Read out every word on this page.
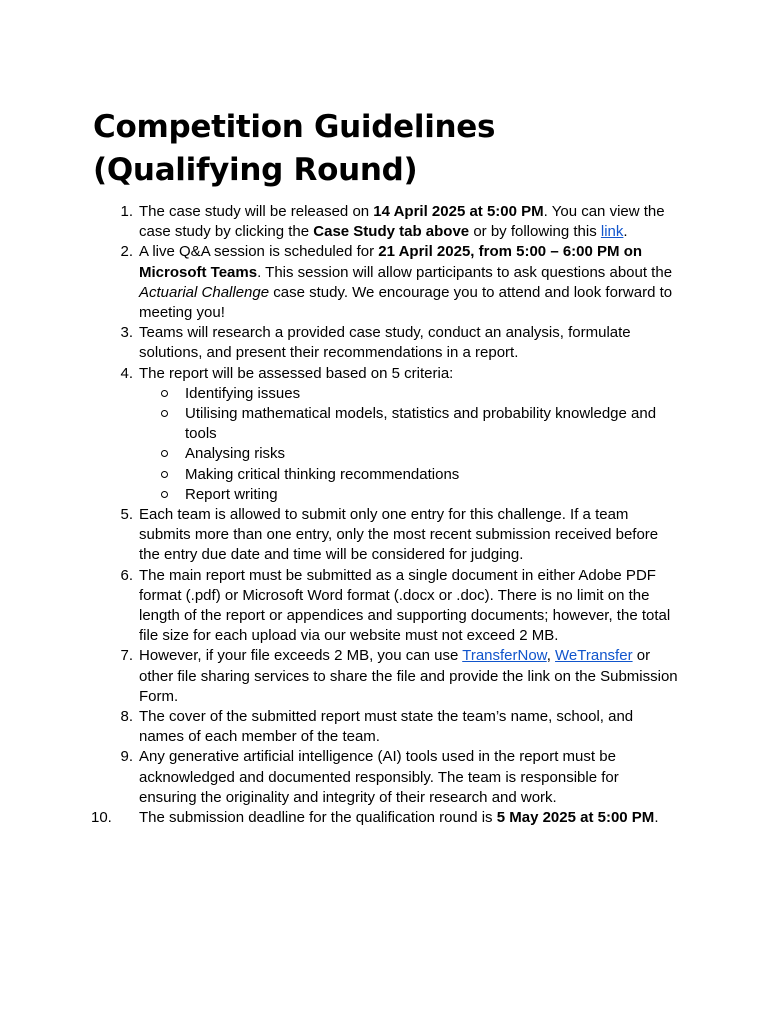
Competition Guidelines
(Qualifying Round)
1. The case study will be released on 14 April 2025 at 5:00 PM. You can view the case study by clicking the Case Study tab above or by following this link.
2. A live Q&A session is scheduled for 21 April 2025, from 5:00 – 6:00 PM on Microsoft Teams. This session will allow participants to ask questions about the Actuarial Challenge case study. We encourage you to attend and look forward to meeting you!
3. Teams will research a provided case study, conduct an analysis, formulate solutions, and present their recommendations in a report.
4. The report will be assessed based on 5 criteria:
Identifying issues
Utilising mathematical models, statistics and probability knowledge and tools
Analysing risks
Making critical thinking recommendations
Report writing
5. Each team is allowed to submit only one entry for this challenge. If a team submits more than one entry, only the most recent submission received before the entry due date and time will be considered for judging.
6. The main report must be submitted as a single document in either Adobe PDF format (.pdf) or Microsoft Word format (.docx or .doc). There is no limit on the length of the report or appendices and supporting documents; however, the total file size for each upload via our website must not exceed 2 MB.
7. However, if your file exceeds 2 MB, you can use TransferNow, WeTransfer or other file sharing services to share the file and provide the link on the Submission Form.
8. The cover of the submitted report must state the team’s name, school, and names of each member of the team.
9. Any generative artificial intelligence (AI) tools used in the report must be acknowledged and documented responsibly. The team is responsible for ensuring the originality and integrity of their research and work.
10.	The submission deadline for the qualification round is 5 May 2025 at 5:00 PM.
